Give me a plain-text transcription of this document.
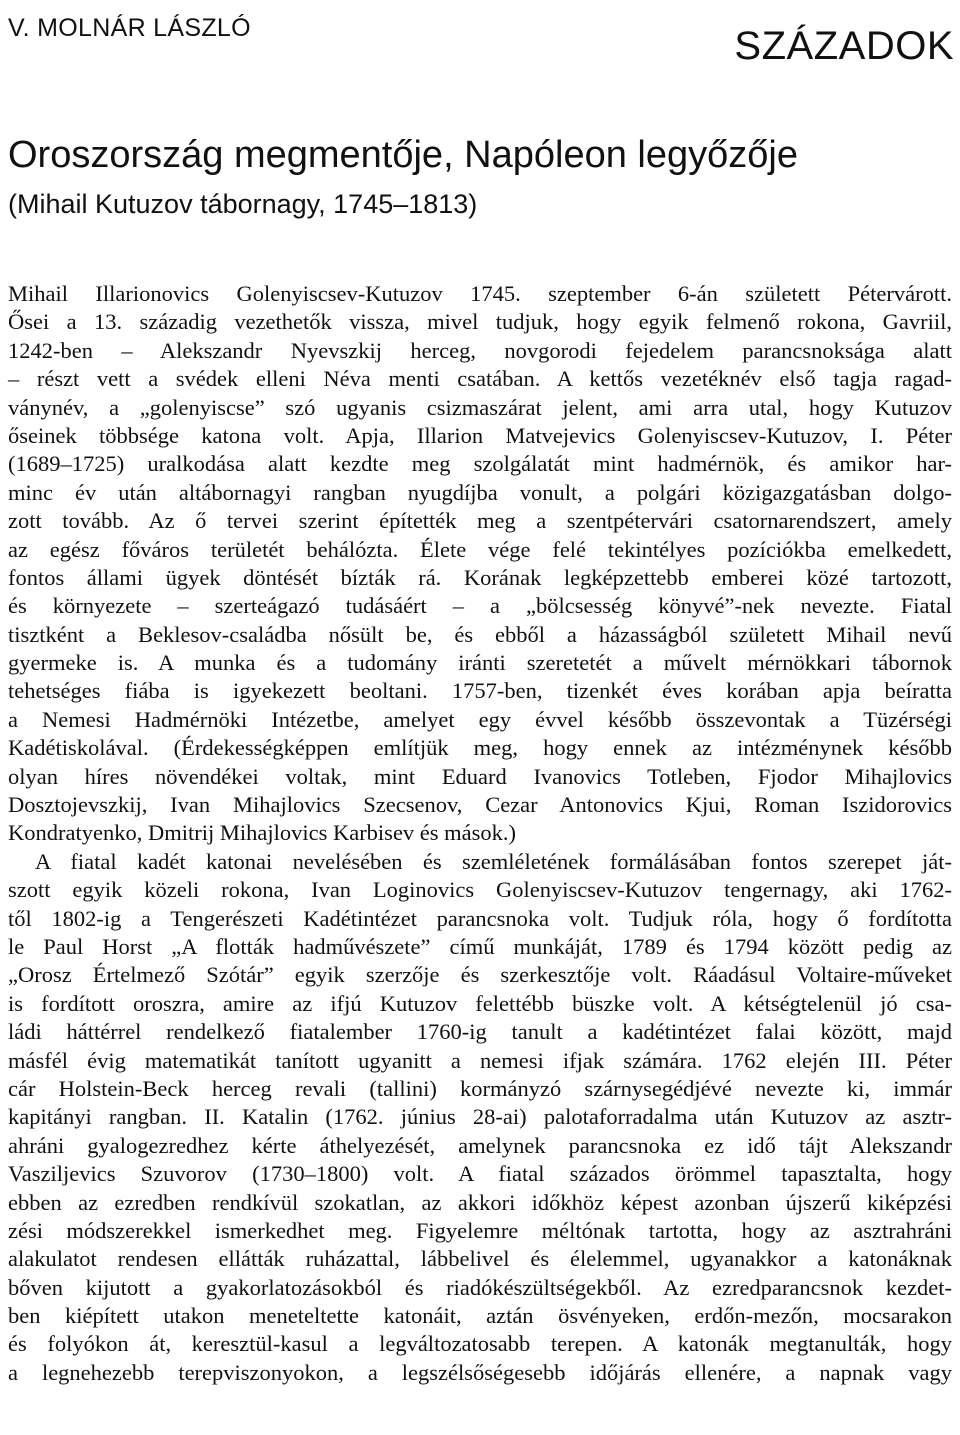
V. MOLNÁR LÁSZLÓ	SZÁZADOK
Oroszország megmentője, Napóleon legyőzője
(Mihail Kutuzov tábornagy, 1745–1813)
Mihail Illarionovics Golenyiscsev-Kutuzov 1745. szeptember 6-án született Pétervárott.
Ősei a 13. századig vezethetők vissza, mivel tudjuk, hogy egyik felmenő rokona, Gavriil,
1242-ben – Alekszandr Nyevszkij herceg, novgorodi fejedelem parancsnoksága alatt
– részt vett a svédek elleni Néva menti csatában. A kettős vezetéknév első tagja ragad-
ványnév, a „golenyiscse” szó ugyanis csizmaszárat jelent, ami arra utal, hogy Kutuzov
őseinek többsége katona volt. Apja, Illarion Matvejevics Golenyiscsev-Kutuzov, I. Péter
(1689–1725) uralkodása alatt kezdte meg szolgálatát mint hadmérnök, és amikor har-
minc év után altábornagyi rangban nyugdíjba vonult, a polgári közigazgatásban dolgo-
zott tovább. Az ő tervei szerint építették meg a szentpétervári csatornarendszert, amely
az egész főváros területét behálózta. Élete vége felé tekintélyes pozíciókba emelkedett,
fontos állami ügyek döntését bízták rá. Korának legképzettebb emberei közé tartozott,
és környezete – szerteágazó tudásáért – a „bölcsesség könyvé”-nek nevezte. Fiatal
tisztként a Beklesov-családba nősült be, és ebből a házasságból született Mihail nevű
gyermeke is. A munka és a tudomány iránti szeretetét a művelt mérnökkari tábornok
tehetséges fiába is igyekezett beoltani. 1757-ben, tizenkét éves korában apja beíratta
a Nemesi Hadmérnöki Intézetbe, amelyet egy évvel később összevontak a Tüzérségi
Kadétiskolával. (Érdekességképpen említjük meg, hogy ennek az intézménynek később
olyan híres növendékei voltak, mint Eduard Ivanovics Totleben, Fjodor Mihajlovics
Dosztojevszkij, Ivan Mihajlovics Szecsenov, Cezar Antonovics Kjui, Roman Iszidorovics
Kondratyenko, Dmitrij Mihajlovics Karbisev és mások.)
A fiatal kadét katonai nevelésében és szemléletének formálásában fontos szerepet ját-
szott egyik közeli rokona, Ivan Loginovics Golenyiscsev-Kutuzov tengernagy, aki 1762-
től 1802-ig a Tengerészeti Kadétintézet parancsnoka volt. Tudjuk róla, hogy ő fordította
le Paul Horst „A flották hadművészete” című munkáját, 1789 és 1794 között pedig az
„Orosz Értelmező Szótár” egyik szerzője és szerkesztője volt. Ráadásul Voltaire-műveket
is fordított oroszra, amire az ifjú Kutuzov felettébb büszke volt. A kétségtelenül jó csa-
ládi háttérrel rendelkező fiatalember 1760-ig tanult a kadétintézet falai között, majd
másfél évig matematikát tanított ugyanitt a nemesi ifjak számára. 1762 elején III. Péter
cár Holstein-Beck herceg revali (tallini) kormányzó szárnysegédjévé nevezte ki, immár
kapitányi rangban. II. Katalin (1762. június 28-ai) palotaforradalma után Kutuzov az asztr-
ahráni gyalogezredhez kérte áthelyezését, amelynek parancsnoka ez idő tájt Alekszandr
Vasziljevics Szuvorov (1730–1800) volt. A fiatal százados örömmel tapasztalta, hogy
ebben az ezredben rendkívül szokatlan, az akkori időkhöz képest azonban újszerű kiképzési
zési módszerekkel ismerkedhet meg. Figyelemre méltónak tartotta, hogy az asztrahráni
alakulatot rendesen ellátták ruházattal, lábbelivel és élelemmel, ugyanakkor a katonáknak
bőven kijutott a gyakorlatozásokból és riadókészültségekből. Az ezredparancsnok kezdet-
ben kiépített utakon meneteltette katonáit, aztán ösvényeken, erdőn-mezőn, mocsarakon
és folyókon át, keresztül-kasul a legváltozatosabb terepen. A katonák megtanulták, hogy
a legnehezebb terepviszonyokon, a legszélsőségesebb időjárás ellenére, a napnak vagy
